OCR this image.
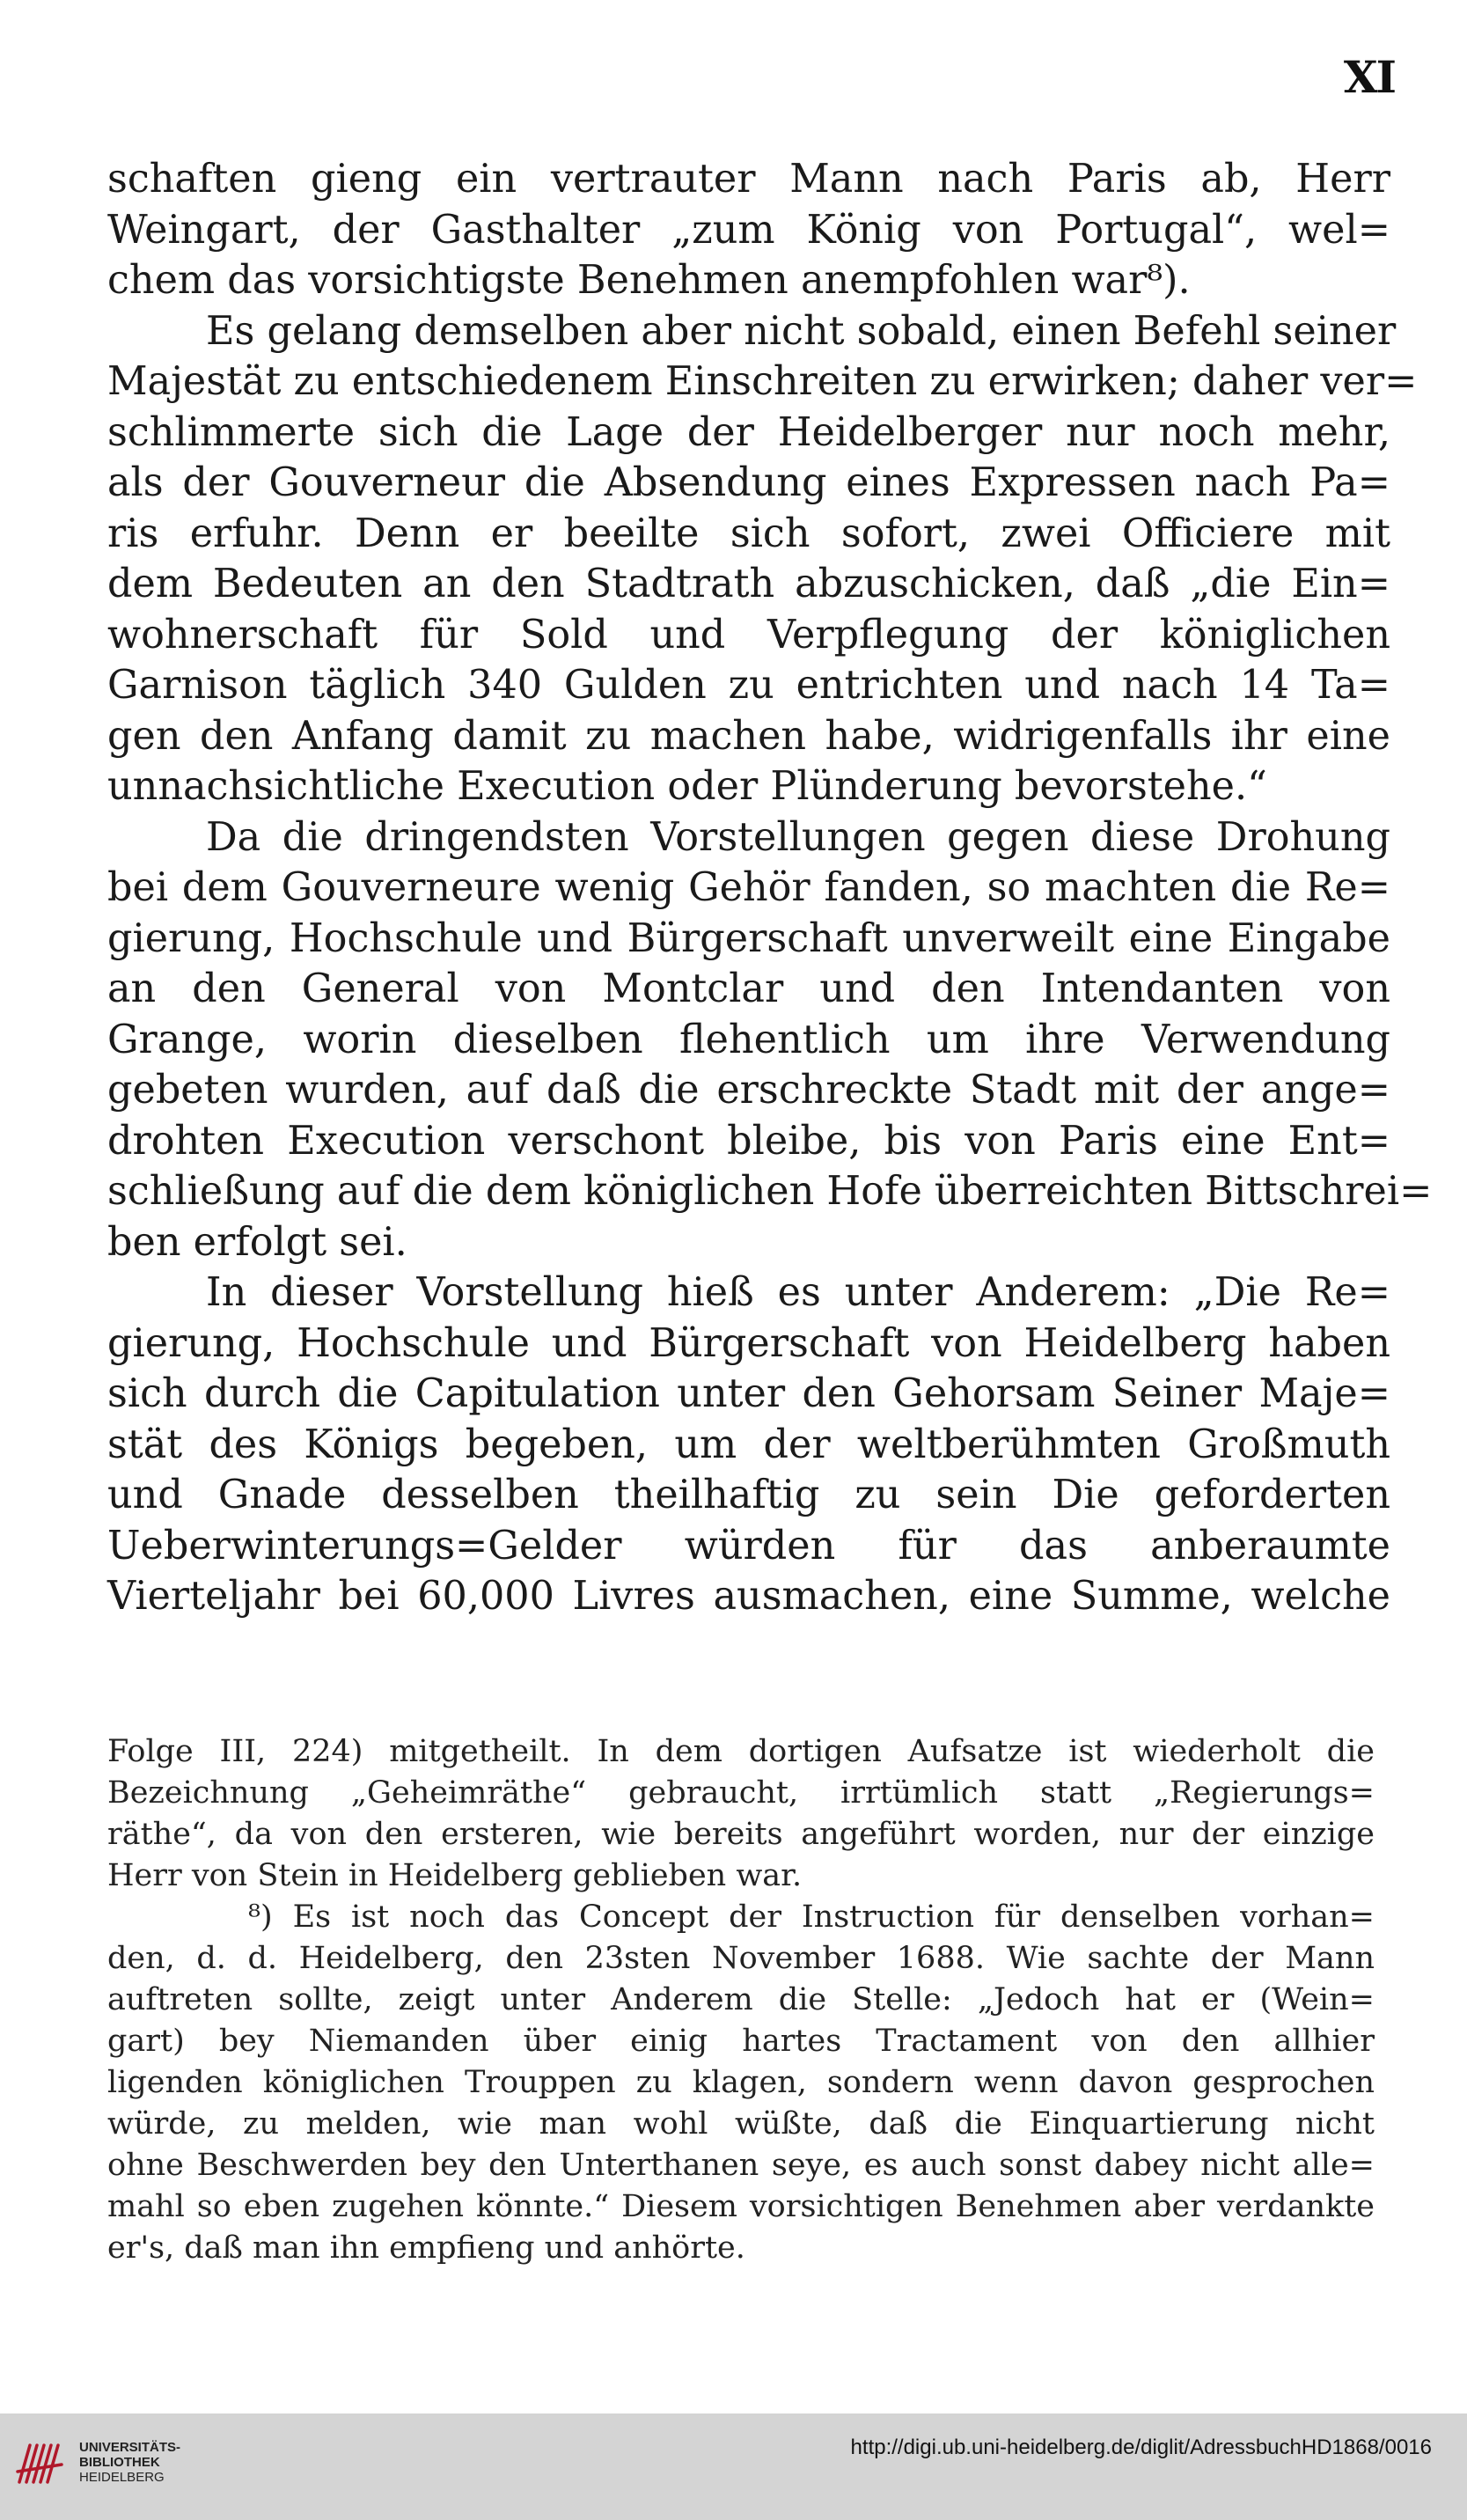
XI
schaften gieng ein vertrauter Mann nach Paris ab, Herr
Weingart, der Gasthalter „zum König von Portugal“, wel=
chem das vorsichtigste Benehmen anempfohlen war⁸).
Es gelang demselben aber nicht sobald, einen Befehl seiner
Majestät zu entschiedenem Einschreiten zu erwirken; daher ver=
schlimmerte sich die Lage der Heidelberger nur noch mehr,
als der Gouverneur die Absendung eines Expressen nach Pa=
ris erfuhr. Denn er beeilte sich sofort, zwei Officiere mit
dem Bedeuten an den Stadtrath abzuschicken, daß „die Ein=
wohnerschaft für Sold und Verpflegung der königlichen
Garnison täglich 340 Gulden zu entrichten und nach 14 Ta=
gen den Anfang damit zu machen habe, widrigenfalls ihr eine
unnachsichtliche Execution oder Plünderung bevorstehe.“
Da die dringendsten Vorstellungen gegen diese Drohung
bei dem Gouverneure wenig Gehör fanden, so machten die Re=
gierung, Hochschule und Bürgerschaft unverweilt eine Eingabe
an den General von Montclar und den Intendanten von
Grange, worin dieselben flehentlich um ihre Verwendung
gebeten wurden, auf daß die erschreckte Stadt mit der ange=
drohten Execution verschont bleibe, bis von Paris eine Ent=
schließung auf die dem königlichen Hofe überreichten Bittschrei=
ben erfolgt sei.
In dieser Vorstellung hieß es unter Anderem: „Die Re=
gierung, Hochschule und Bürgerschaft von Heidelberg haben
sich durch die Capitulation unter den Gehorsam Seiner Maje=
stät des Königs begeben, um der weltberühmten Großmuth
und Gnade desselben theilhaftig zu sein Die geforderten
Ueberwinterungs=Gelder würden für das anberaumte
Vierteljahr bei 60,000 Livres ausmachen, eine Summe, welche
Folge III, 224) mitgetheilt. In dem dortigen Aufsatze ist wiederholt die
Bezeichnung „Geheimräthe“ gebraucht, irrtümlich statt „Regierungs=
räthe“, da von den ersteren, wie bereits angeführt worden, nur der einzige
Herr von Stein in Heidelberg geblieben war.
⁸) Es ist noch das Concept der Instruction für denselben vorhan=
den, d. d. Heidelberg, den 23sten November 1688. Wie sachte der Mann
auftreten sollte, zeigt unter Anderem die Stelle: „Jedoch hat er (Wein=
gart) bey Niemanden über einig hartes Tractament von den allhier
ligenden königlichen Trouppen zu klagen, sondern wenn davon gesprochen
würde, zu melden, wie man wohl wüßte, daß die Einquartierung nicht
ohne Beschwerden bey den Unterthanen seye, es auch sonst dabey nicht alle=
mahl so eben zugehen könnte.“ Diesem vorsichtigen Benehmen aber verdankte
er's, daß man ihn empfieng und anhörte.
UNIVERSITÄTS-
BIBLIOTHEK
HEIDELBERG
http://digi.ub.uni-heidelberg.de/diglit/AdressbuchHD1868/0016
